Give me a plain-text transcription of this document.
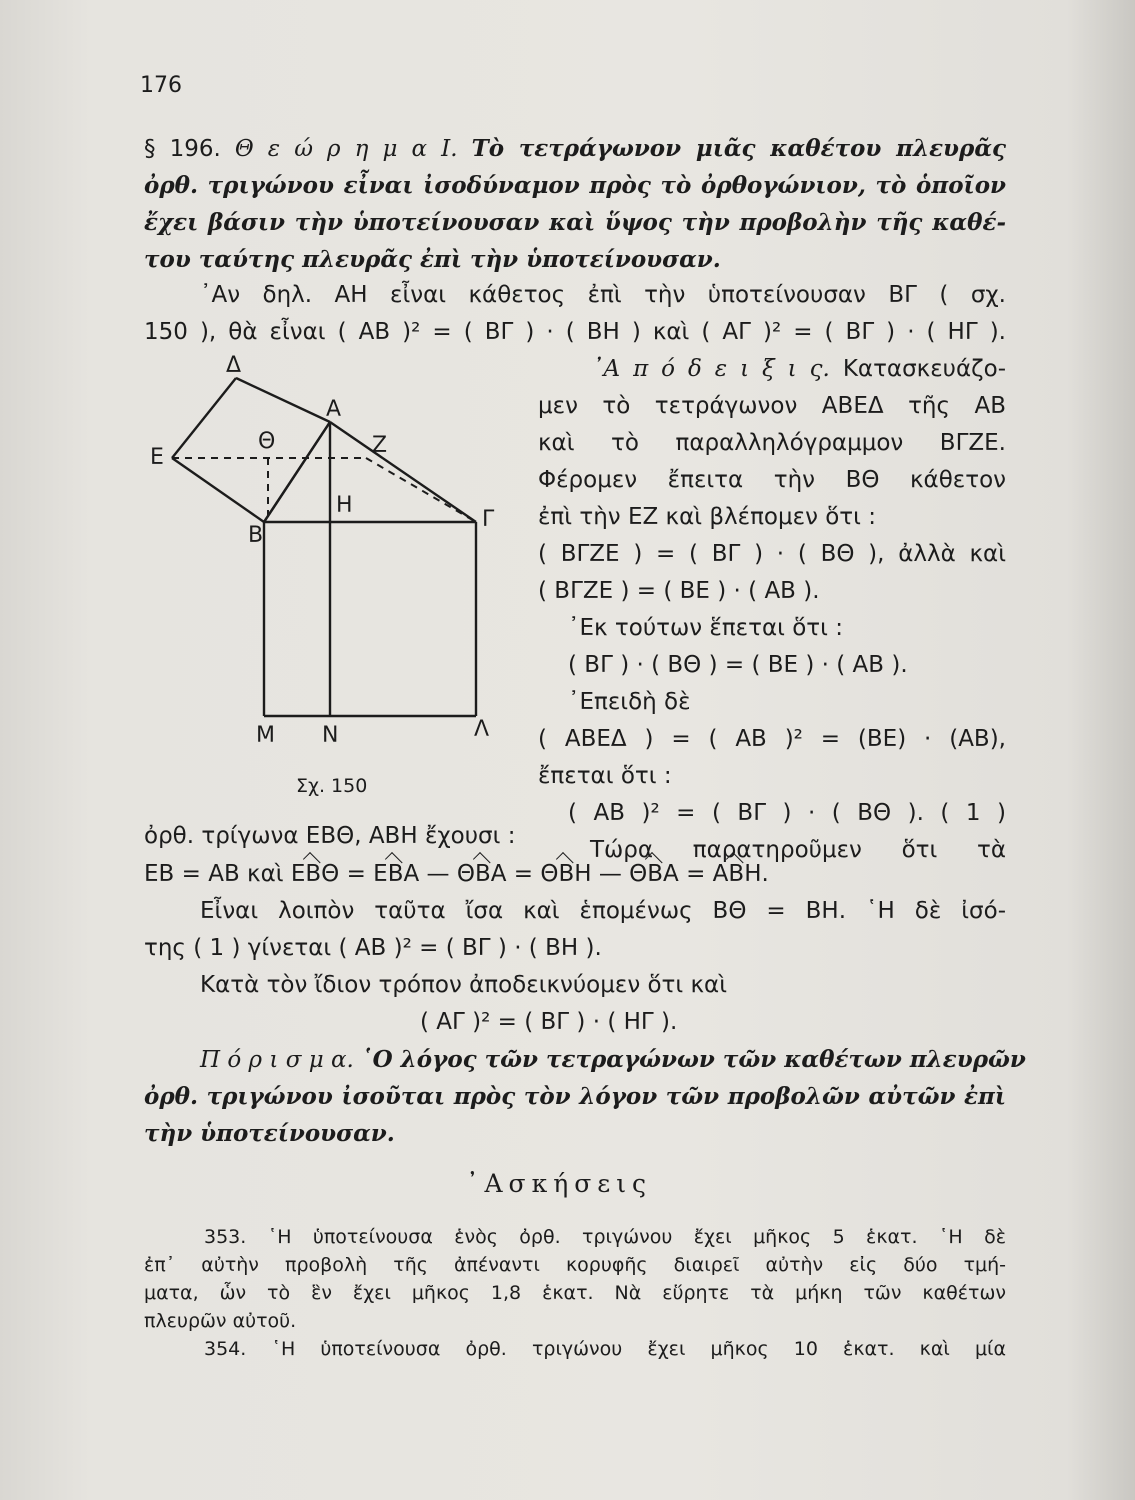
176
§ 196. Θ ε ώ ρ η μ α Ι. Τὸ τετράγωνον μιᾶς καθέτου πλευρᾶς
ὀρθ. τριγώνου εἶναι ἰσοδύναμον πρὸς τὸ ὀρθογώνιον, τὸ ὁποῖον
ἔχει βάσιν τὴν ὑποτείνουσαν καὶ ὕψος τὴν προβολὴν τῆς καθέ-
του ταύτης πλευρᾶς ἐπὶ τὴν ὑποτείνουσαν.
᾿Αν δηλ. ΑΗ εἶναι κάθετος ἐπὶ τὴν ὑποτείνουσαν ΒΓ ( σχ.
150 ), θὰ εἶναι ( ΑΒ )² = ( ΒΓ ) · ( ΒΗ ) καὶ ( ΑΓ )² = ( ΒΓ ) · ( ΗΓ ).
᾿Α π ό δ ε ι ξ ι ς. Κατασκευάζο-
μεν τὸ τετράγωνον ΑΒΕΔ τῆς ΑΒ
καὶ τὸ παραλληλόγραμμον ΒΓΖΕ.
Φέρομεν ἔπειτα τὴν ΒΘ κάθετον
ἐπὶ τὴν ΕΖ καὶ βλέπομεν ὅτι :
( ΒΓΖΕ ) = ( ΒΓ ) · ( ΒΘ ), ἀλλὰ καὶ
( ΒΓΖΕ ) = ( ΒΕ ) · ( ΑΒ ).
᾿Εκ τούτων ἕπεται ὅτι :
( ΒΓ ) · ( ΒΘ ) = ( ΒΕ ) · ( ΑΒ ).
᾿Επειδὴ δὲ
( ΑΒΕΔ ) = ( ΑΒ )² = (ΒΕ) · (ΑΒ),
ἔπεται ὅτι :
( ΑΒ )² = ( ΒΓ ) · ( ΒΘ ). ( 1 )
Τώρα παρατηροῦμεν ὅτι τὰ
Δ
Α
Ε
Θ	Ζ
Η
Β
Γ
Μ Ν	Λ
Σχ. 150
ὀρθ. τρίγωνα ΕΒΘ, ΑΒΗ ἔχουσι :
ΕΒ = ΑΒ καὶ ΕΒΘ = ΕΒΑ — ΘΒΑ = ΘΒΗ — ΘΒΑ = ΑΒΗ.
Εἶναι λοιπὸν ταῦτα ἴσα καὶ ἑπομένως ΒΘ = ΒΗ. ῾Η δὲ ἰσό-
της ( 1 ) γίνεται ( ΑΒ )² = ( ΒΓ ) · ( ΒΗ ).
Κατὰ τὸν ἴδιον τρόπον ἀποδεικνύομεν ὅτι καὶ
( ΑΓ )² = ( ΒΓ ) · ( ΗΓ ).
Π ό ρ ι σ μ α. ῾Ο λόγος τῶν τετραγώνων τῶν καθέτων πλευρῶν
ὀρθ. τριγώνου ἰσοῦται πρὸς τὸν λόγον τῶν προβολῶν αὐτῶν ἐπὶ
τὴν ὑποτείνουσαν.
᾿Ασκήσεις
353. ῾Η ὑποτείνουσα ἑνὸς ὀρθ. τριγώνου ἔχει μῆκος 5 ἑκατ. ῾Η δὲ
ἐπ᾿ αὐτὴν προβολὴ τῆς ἀπέναντι κορυφῆς διαιρεῖ αὐτὴν εἰς δύο τμή-
ματα, ὧν τὸ ἓν ἔχει μῆκος 1,8 ἑκατ. Νὰ εὕρητε τὰ μήκη τῶν καθέτων
πλευρῶν αὐτοῦ.
354. ῾Η ὑποτείνουσα ὀρθ. τριγώνου ἔχει μῆκος 10 ἑκατ. καὶ μία
